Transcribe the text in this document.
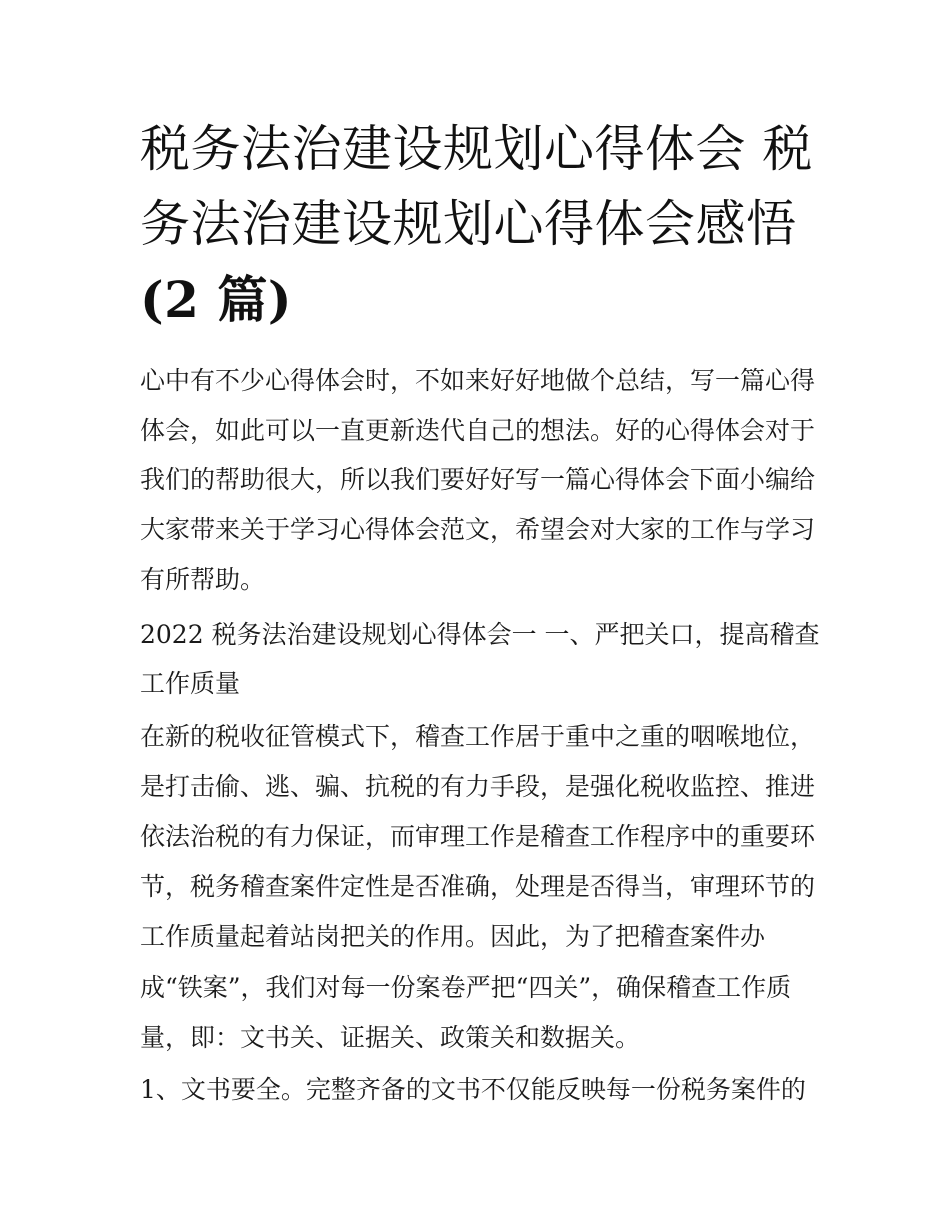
税务法治建设规划心得体会 税
务法治建设规划心得体会感悟
(2 篇)
心中有不少心得体会时，不如来好好地做个总结，写一篇心得
体会，如此可以一直更新迭代自己的想法。好的心得体会对于
我们的帮助很大，所以我们要好好写一篇心得体会下面小编给
大家带来关于学习心得体会范文，希望会对大家的工作与学习
有所帮助。
2022 税务法治建设规划心得体会一 一、严把关口，提高稽查
工作质量
在新的税收征管模式下，稽查工作居于重中之重的咽喉地位，
是打击偷、逃、骗、抗税的有力手段，是强化税收监控、推进
依法治税的有力保证，而审理工作是稽查工作程序中的重要环
节，税务稽查案件定性是否准确，处理是否得当，审理环节的
工作质量起着站岗把关的作用。因此，为了把稽查案件办
成“铁案”，我们对每一份案卷严把“四关”，确保稽查工作质
量，即：文书关、证据关、政策关和数据关。
1、文书要全。完整齐备的文书不仅能反映每一份税务案件的
